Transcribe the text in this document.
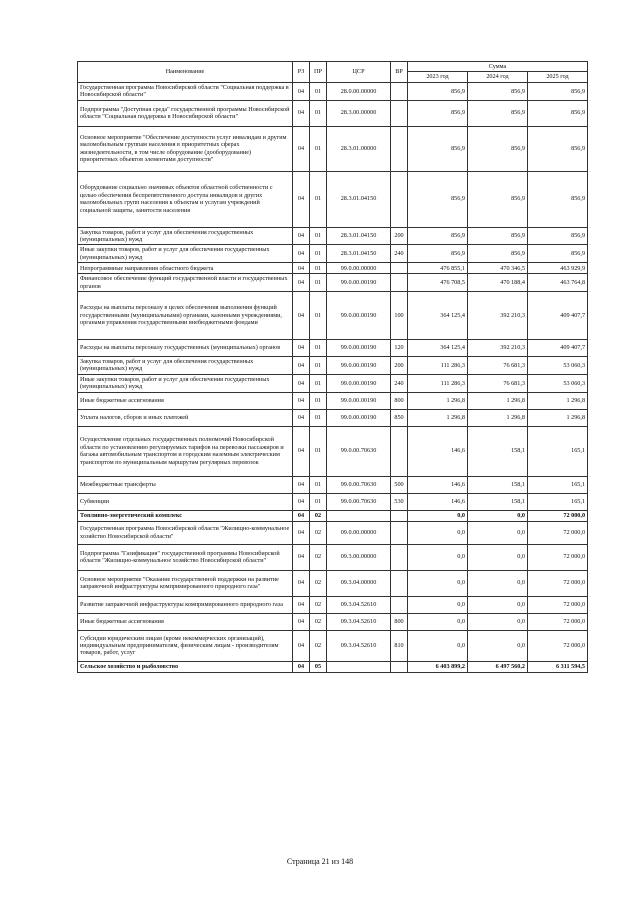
Наименование	РЗ	ПР	ЦСР	ВР	Сумма		
					2023 год	2024 год	2025 год
Государственная программа Новосибирской области "Социальная поддержка в Новосибирской области"	04	01	28.0.00.00000		856,9	856,9	856,9
Подпрограмма "Доступная среда" государственной программы Новосибирской области "Социальная поддержка в Новосибирской области"	04	01	28.3.00.00000		856,9	856,9	856,9
Основное мероприятие "Обеспечение доступности услуг инвалидам и другим маломобильным группам населения в приоритетных сферах жизнедеятельности, в том числе оборудование (дооборудование) приоритетных объектов элементами доступности"	04	01	28.3.01.00000		856,9	856,9	856,9
Оборудование социально значимых объектов областной собственности с целью обеспечения беспрепятственного доступа инвалидов и других маломобильных групп населения к объектам и услугам учреждений социальной защиты, занятости населения	04	01	28.3.01.04150		856,9	856,9	856,9
Закупка товаров, работ и услуг для обеспечения государственных (муниципальных) нужд	04	01	28.3.01.04150	200	856,9	856,9	856,9
Иные закупки товаров, работ и услуг для обеспечения государственных (муниципальных) нужд	04	01	28.3.01.04150	240	856,9	856,9	856,9
Непрограммные направления областного бюджета	04	01	99.0.00.00000		476 855,1	470 346,5	463 929,9
Финансовое обеспечение функций государственной власти и государственных органов	04	01	99.0.00.00190		476 708,5	470 188,4	463 764,8
Расходы на выплаты персоналу в целях обеспечения выполнения функций государственными (муниципальными) органами, казенными учреждениями, органами управления государственными внебюджетными фондами	04	01	99.0.00.00190	100	364 125,4	392 210,3	409 407,7
Расходы на выплаты персоналу государственных (муниципальных) органов	04	01	99.0.00.00190	120	364 125,4	392 210,3	409 407,7
Закупка товаров, работ и услуг для обеспечения государственных (муниципальных) нужд	04	01	99.0.00.00190	200	111 286,3	76 681,3	53 060,3
Иные закупки товаров, работ и услуг для обеспечения государственных (муниципальных) нужд	04	01	99.0.00.00190	240	111 286,3	76 681,3	53 060,3
Иные бюджетные ассигнования	04	01	99.0.00.00190	800	1 296,8	1 296,8	1 296,8
Уплата налогов, сборов и иных платежей	04	01	99.0.00.00190	850	1 296,8	1 296,8	1 296,8
Осуществление отдельных государственных полномочий Новосибирской области по установлению регулируемых тарифов на перевозки пассажиров и багажа автомобильным транспортом и городским наземным электрическим транспортом по муниципальным маршрутам регулярных перевозок	04	01	99.0.00.70630		146,6	158,1	165,1
Межбюджетные трансферты	04	01	99.0.00.70630	500	146,6	158,1	165,1
Субвенции	04	01	99.0.00.70630	530	146,6	158,1	165,1
Топливно-энергетический комплекс	04	02			0,0	0,0	72 000,0
Государственная программа Новосибирской области "Жилищно-коммунальное хозяйство Новосибирской области"	04	02	09.0.00.00000		0,0	0,0	72 000,0
Подпрограмма "Газификация" государственной программы Новосибирской области "Жилищно-коммунальное хозяйство Новосибирской области"	04	02	09.3.00.00000		0,0	0,0	72 000,0
Основное мероприятие "Оказание государственной поддержки на развитие заправочной инфраструктуры компримированного природного газа"	04	02	09.3.04.00000		0,0	0,0	72 000,0
Развитие заправочной инфраструктуры компримированного природного газа	04	02	09.3.04.52610		0,0	0,0	72 000,0
Иные бюджетные ассигнования	04	02	09.3.04.52610	800	0,0	0,0	72 000,0
Субсидии юридическим лицам (кроме некоммерческих организаций), индивидуальным предпринимателям, физическим лицам - производителям товаров, работ, услуг	04	02	09.3.04.52610	810	0,0	0,0	72 000,0
Сельское хозяйство и рыболовство	04	05			6 403 899,2	6 497 560,2	6 311 594,5
Страница 21 из 148
